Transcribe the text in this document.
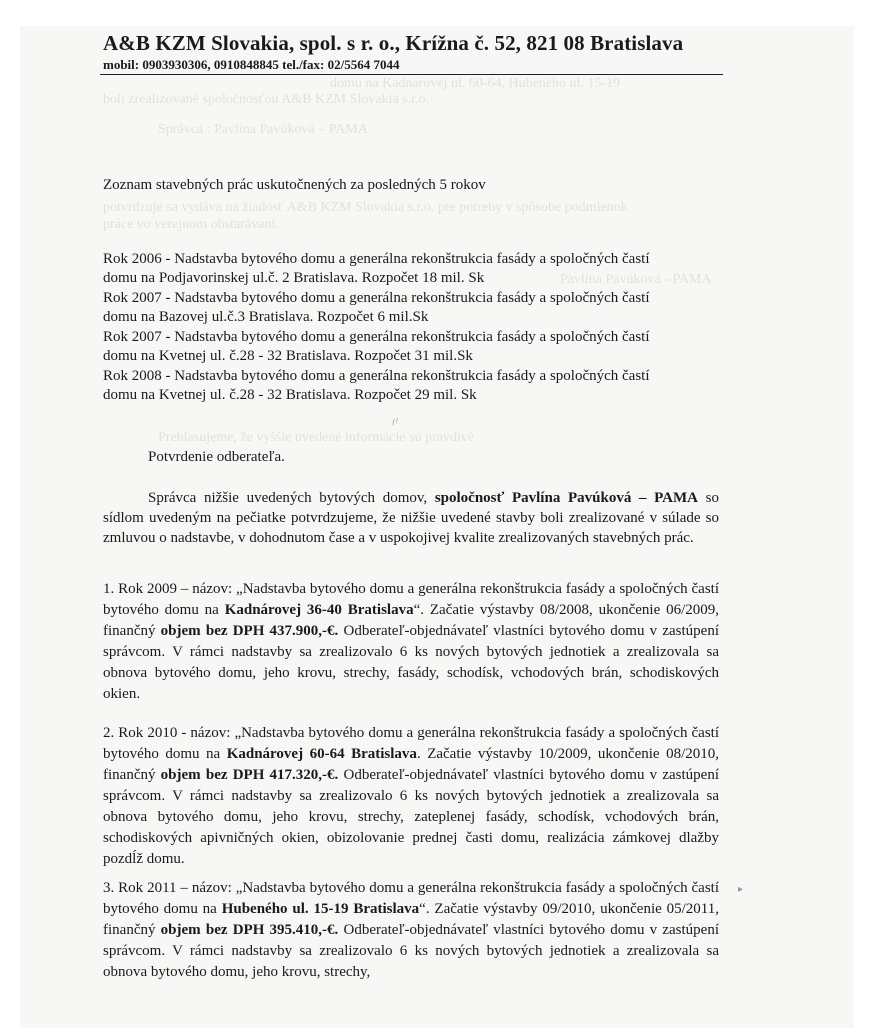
domu na Kadnárovej ul. 60-64, Hubeného ul. 15-19
boli zrealizované spoločnosťou A&B KZM Slovakia s.r.o.
Správca : Pavlína Pavúková – PAMA
potvrdzuje sa vydáva na žiadosť A&B KZM Slovakia s.r.o. pre potreby v spôsobe podmienok
práce vo verejnom obstarávaní.
Pavlína Pavúková - PAMA
Prehlasujeme, že vyššie uvedené informácie sú pravdivé
A&B KZM Slovakia, spol. s r. o., Krížna č. 52, 821 08 Bratislava
mobil: 0903930306, 0910848845 tel./fax: 02/5564 7044
Zoznam stavebných prác uskutočnených za posledných 5 rokov
Rok 2006 - Nadstavba bytového domu a generálna rekonštrukcia fasády a spoločných častí
domu na Podjavorinskej ul.č. 2 Bratislava. Rozpočet 18 mil. Sk
Rok 2007 - Nadstavba bytového domu a generálna rekonštrukcia fasády a spoločných častí
domu na Bazovej ul.č.3 Bratislava. Rozpočet 6 mil.Sk
Rok 2007 - Nadstavba bytového domu a generálna rekonštrukcia fasády a spoločných častí
domu na Kvetnej ul. č.28 - 32 Bratislava. Rozpočet 31 mil.Sk
Rok 2008 - Nadstavba bytového domu a generálna rekonštrukcia fasády a spoločných častí
domu na Kvetnej ul. č.28 - 32 Bratislava. Rozpočet 29 mil. Sk
ﾍ͡ ~
Potvrdenie odberateľa.
Správca nižšie uvedených bytových domov, spoločnosť Pavlína Pavúková – PAMA so sídlom uvedeným na pečiatke potvrdzujeme, že nižšie uvedené stavby boli zrealizované v súlade so zmluvou o nadstavbe, v dohodnutom čase a v uspokojivej kvalite zrealizovaných stavebných prác.
1. Rok 2009 – názov: „Nadstavba bytového domu a generálna rekonštrukcia fasády a spoločných častí bytového domu na Kadnárovej 36-40 Bratislava“. Začatie výstavby 08/2008, ukončenie 06/2009, finančný objem bez DPH 437.900,-€. Odberateľ-objednávateľ vlastníci bytového domu v zastúpení správcom. V rámci nadstavby sa zrealizovalo 6 ks nových bytových jednotiek a zrealizovala sa obnova bytového domu, jeho krovu, strechy, fasády, schodísk, vchodových brán, schodiskových okien.
2. Rok 2010 - názov: „Nadstavba bytového domu a generálna rekonštrukcia fasády a spoločných častí bytového domu na Kadnárovej 60-64 Bratislava. Začatie výstavby 10/2009, ukončenie 08/2010, finančný objem bez DPH 417.320,-€. Odberateľ-objednávateľ vlastníci bytového domu v zastúpení správcom. V rámci nadstavby sa zrealizovalo 6 ks nových bytových jednotiek a zrealizovala sa obnova bytového domu, jeho krovu, strechy, zateplenej fasády, schodísk, vchodových brán, schodiskových apivničných okien, obizolovanie prednej časti domu, realizácia zámkovej dlažby pozdĺž domu.
3. Rok 2011 – názov: „Nadstavba bytového domu a generálna rekonštrukcia fasády a spoločných častí bytového domu na Hubeného ul. 15-19 Bratislava“. Začatie výstavby 09/2010, ukončenie 05/2011, finančný objem bez DPH 395.410,-€. Odberateľ-objednávateľ vlastníci bytového domu v zastúpení správcom. V rámci nadstavby sa zrealizovalo 6 ks nových bytových jednotiek a zrealizovala sa obnova bytového domu, jeho krovu, strechy,
▸
